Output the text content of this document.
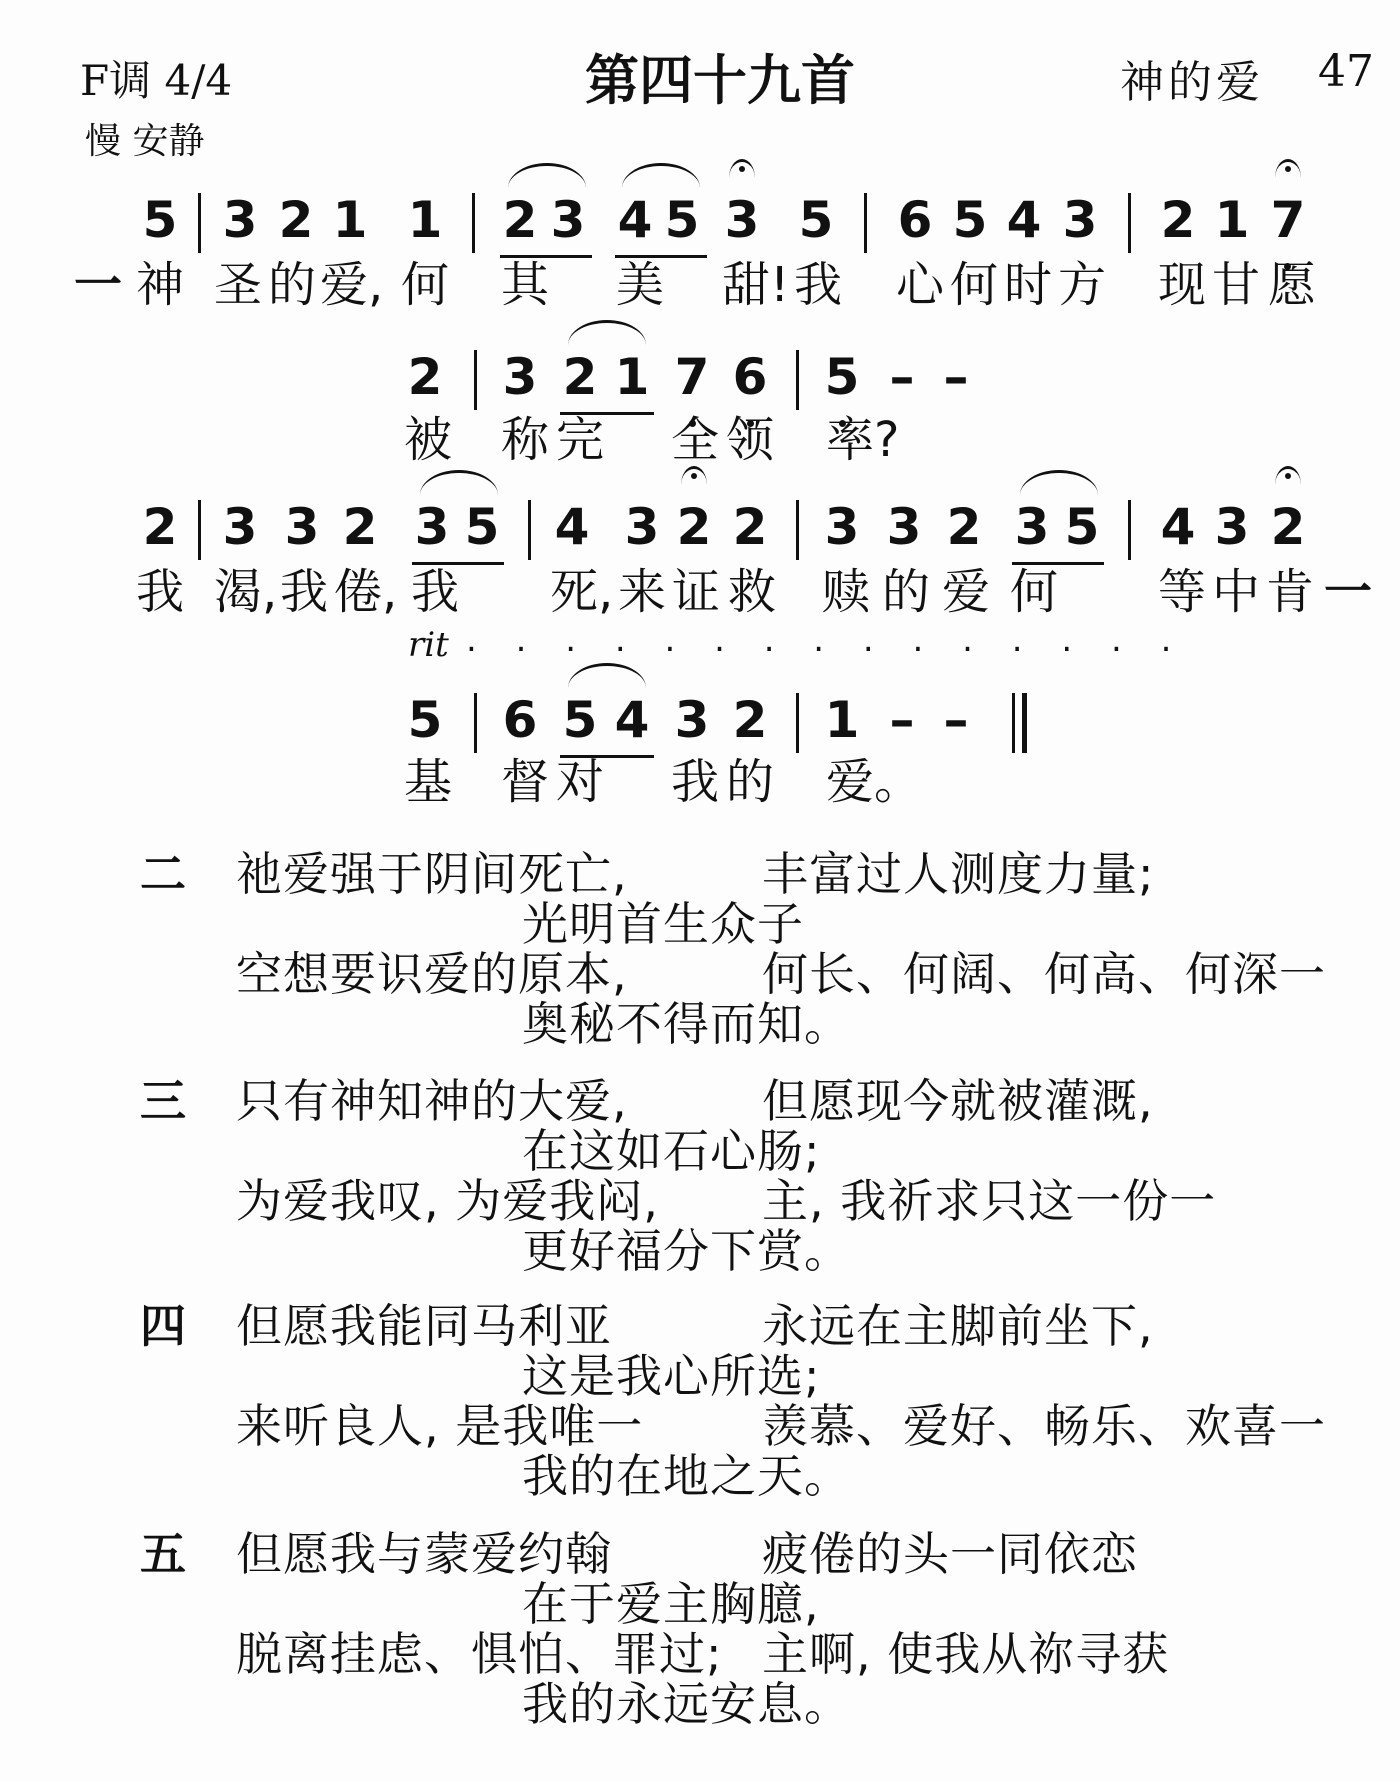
F调 4/4
慢 安静
第四十九首	神的爱 47
5 3 2 1 1 2 3 4 5 3 5 6 5 4 3 2 1 7
一 神 圣 的 爱, 何 其 美 甜! 我 心 何 时 方 现 甘 愿
2 3 2 1 7 6 5 – –
被 称 完 全 领 率?
2 3 3 2 3 5 4 3 2 2 3 3 2 3 5 4 3 2
我 渴, 我 倦, 我 死, 来 证 救 赎 的 爱 何 等 中 肯 一
rit . . . . . . . . . . . . . . .
5 6 5 4 3 2 1 – –
基 督 对 我 的 爱。
二 祂爱强于阴间死亡,	丰富过人测度力量;
光明首生众子
空想要识爱的原本,	何长、何阔、何高、何深一
奥秘不得而知。
三 只有神知神的大爱,	但愿现今就被灌溉,
在这如石心肠;
为爱我叹, 为爱我闷, 主, 我祈求只这一份一
更好福分下赏。
四 但愿我能同马利亚	永远在主脚前坐下,
这是我心所选;
来听良人, 是我唯一	羡慕、爱好、畅乐、欢喜一
我的在地之天。
五 但愿我与蒙爱约翰	疲倦的头一同依恋
在于爱主胸臆,
脱离挂虑、惧怕、罪过; 主啊, 使我从祢寻获
我的永远安息。
